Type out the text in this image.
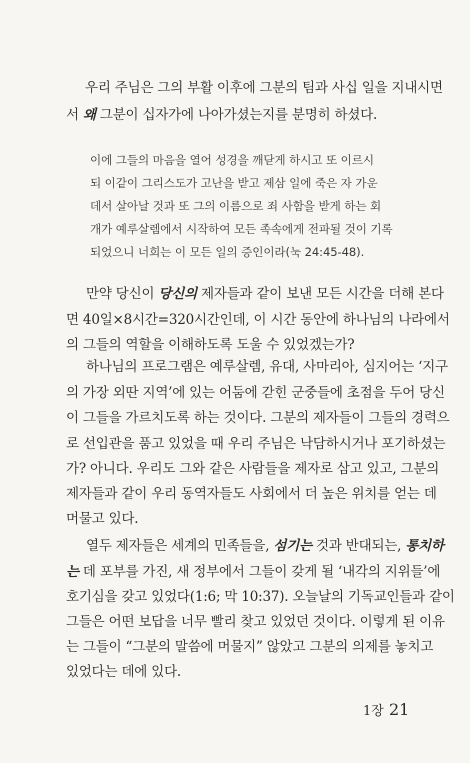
우리 주님은 그의 부활 이후에 그분의 팀과 사십 일을 지내시면
서 왜 그분이 십자가에 나아가셨는지를 분명히 하셨다.
이에 그들의 마음을 열어 성경을 깨닫게 하시고 또 이르시
되 이같이 그리스도가 고난을 받고 제삼 일에 죽은 자 가운
데서 살아날 것과 또 그의 이름으로 죄 사함을 받게 하는 회
개가 예루살렘에서 시작하여 모든 족속에게 전파될 것이 기록
되었으니 너희는 이 모든 일의 증인이라(눅 24:45-48).
만약 당신이 당신의 제자들과 같이 보낸 모든 시간을 더해 본다
면 40일×8시간=320시간인데, 이 시간 동안에 하나님의 나라에서
의 그들의 역할을 이해하도록 도울 수 있었겠는가?
하나님의 프로그램은 예루살렘, 유대, 사마리아, 심지어는 ‘지구
의 가장 외딴 지역’에 있는 어둠에 갇힌 군중들에 초점을 두어 당신
이 그들을 가르치도록 하는 것이다. 그분의 제자들이 그들의 경력으
로 선입관을 품고 있었을 때 우리 주님은 낙담하시거나 포기하셨는
가? 아니다. 우리도 그와 같은 사람들을 제자로 삼고 있고, 그분의
제자들과 같이 우리 동역자들도 사회에서 더 높은 위치를 얻는 데
머물고 있다.
열두 제자들은 세계의 민족들을, 섬기는 것과 반대되는, 통치하
는 데 포부를 가진, 새 정부에서 그들이 갖게 될 ‘내각의 지위들’에
호기심을 갖고 있었다(1:6; 막 10:37). 오늘날의 기독교인들과 같이
그들은 어떤 보답을 너무 빨리 찾고 있었던 것이다. 이렇게 된 이유
는 그들이 “그분의 말씀에 머물지” 않았고 그분의 의제를 놓치고
있었다는 데에 있다.
1장 21
